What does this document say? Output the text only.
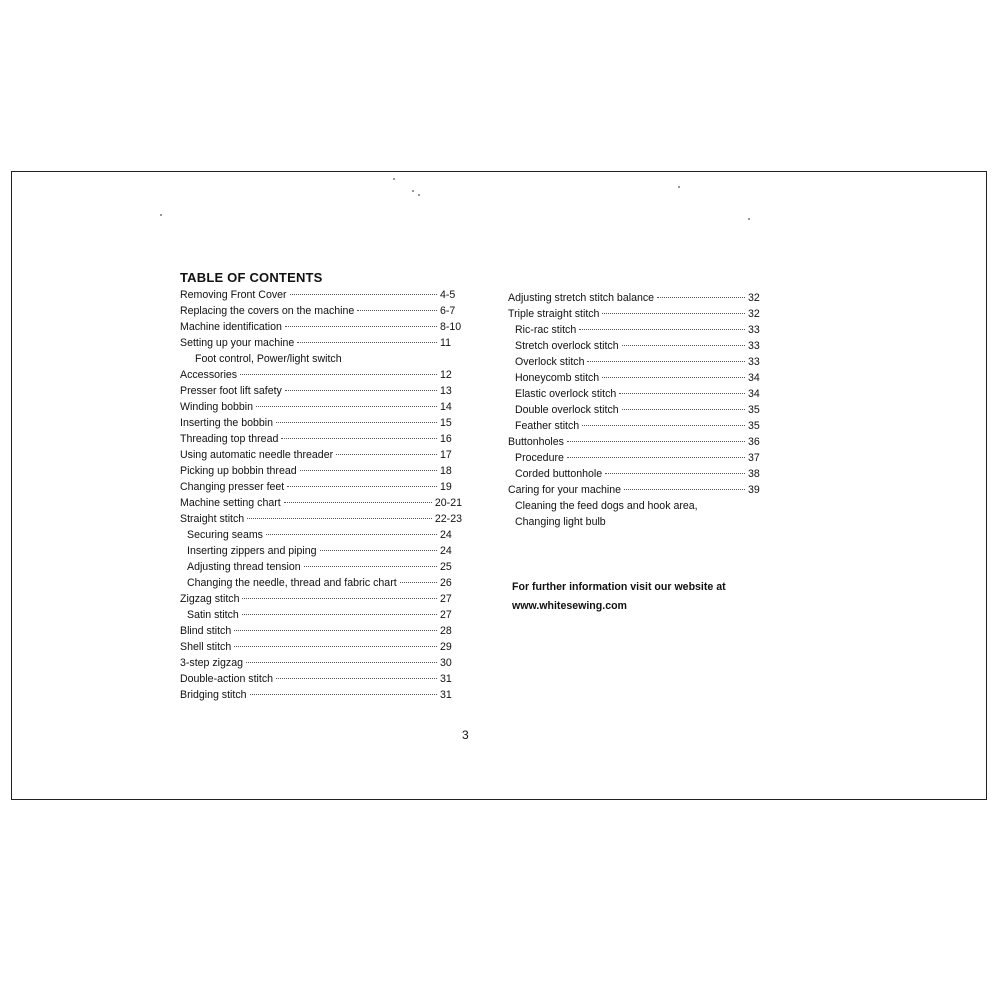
TABLE OF CONTENTS
Removing Front Cover	4-5
Replacing the covers on the machine	6-7
Machine identification	8-10
Setting up your machine	11
Foot control, Power/light switch
Accessories	12
Presser foot lift safety	13
Winding bobbin	14
Inserting the bobbin	15
Threading top thread	16
Using automatic needle threader	17
Picking up bobbin thread	18
Changing presser feet	19
Machine setting chart	20-21
Straight stitch	22-23
Securing seams	24
Inserting zippers and piping	24
Adjusting thread tension	25
Changing the needle, thread and fabric chart	26
Zigzag stitch	27
Satin stitch	27
Blind stitch	28
Shell stitch	29
3-step zigzag	30
Double-action stitch	31
Bridging stitch	31
Adjusting stretch stitch balance	32
Triple straight stitch	32
Ric-rac stitch	33
Stretch overlock stitch	33
Overlock stitch	33
Honeycomb stitch	34
Elastic overlock stitch	34
Double overlock stitch	35
Feather stitch	35
Buttonholes	36
Procedure	37
Corded buttonhole	38
Caring for your machine	39
Cleaning the feed dogs and hook area,
Changing light bulb
For further information visit our website at
www.whitesewing.com
3
